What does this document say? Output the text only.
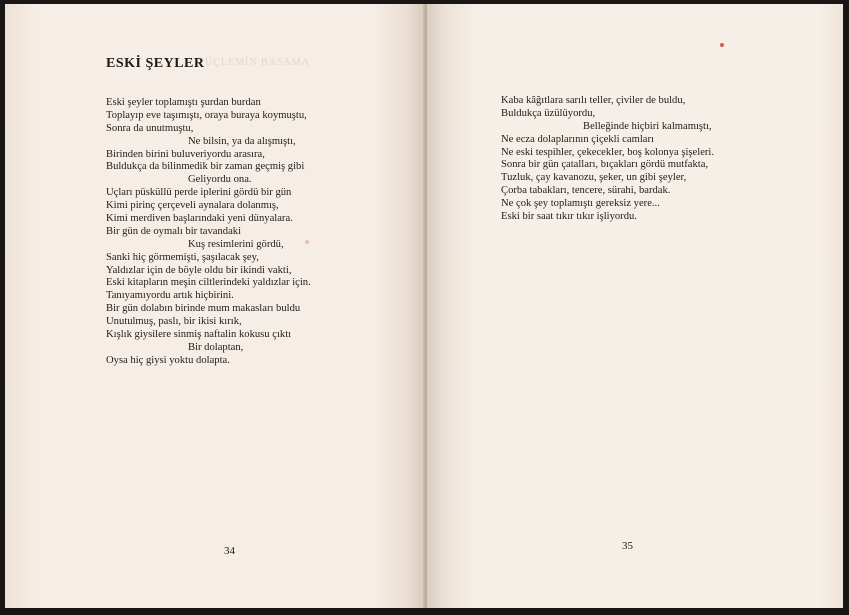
ESKİ ŞEYLER ÜÇLEMİN BASAMA
Eski şeyler toplamıştı şurdan burdan
Toplayıp eve taşımıştı, oraya buraya koymuştu,
Sonra da unutmuştu,
Ne bilsin, ya da alışmıştı,
Birinden birini buluveriyordu arasıra,
Buldukça da bilinmedik bir zaman geçmiş gibi
Geliyordu ona.
Uçları püsküllü perde iplerini gördü bir gün
Kimi pirinç çerçeveli aynalara dolanmış,
Kimi merdiven başlarındaki yeni dünyalara.
Bir gün de oymalı bir tavandaki
Kuş resimlerini gördü,
Sanki hiç görmemişti, şaşılacak şey,
Yaldızlar için de böyle oldu bir ikindi vakti,
Eski kitapların meşin ciltlerindeki yaldızlar için.
Tanıyamıyordu artık hiçbirini.
Bir gün dolabın birinde mum makasları buldu
Unutulmuş, paslı, bir ikisi kırık,
Kışlık giysilere sinmiş naftalin kokusu çıktı
Bir dolaptan,
Oysa hiç giysi yoktu dolapta.
34
Kaba kâğıtlara sarılı teller, çiviler de buldu,
Buldukça üzülüyordu,
Belleğinde hiçbiri kalmamıştı,
Ne ecza dolaplarının çiçekli camları
Ne eski tespihler, çekecekler, boş kolonya şişeleri.
Sonra bir gün çatalları, bıçakları gördü mutfakta,
Tuzluk, çay kavanozu, şeker, un gibi şeyler,
Çorba tabakları, tencere, sürahi, bardak.
Ne çok şey toplamıştı gereksiz yere...
Eski bir saat tıkır tıkır işliyordu.
35
